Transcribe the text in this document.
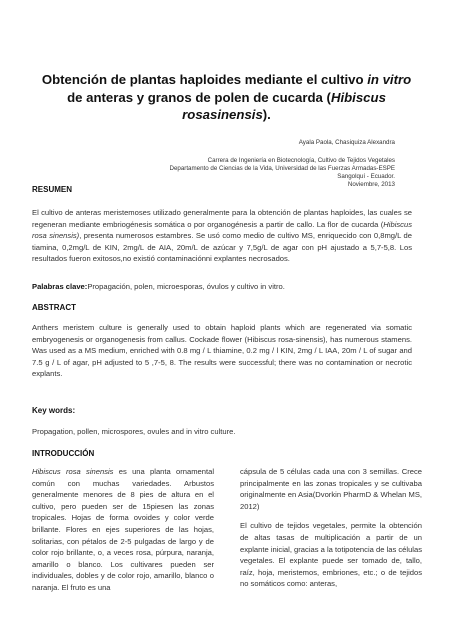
Obtención de plantas haploides mediante el cultivo in vitro de anteras y granos de polen de cucarda (Hibiscus rosasinensis).
Ayala Paola, Chasiquiza Alexandra
Carrera de Ingeniería en Biotecnología, Cultivo de Tejidos Vegetales
Departamento de Ciencias de la Vida, Universidad de las Fuerzas Armadas-ESPE
Sangolquí - Ecuador.
Noviembre, 2013
RESUMEN
El cultivo de anteras meristemoses utilizado generalmente para la obtención de plantas haploides, las cuales se regeneran mediante embriogénesis somática o por organogénesis a partir de callo. La flor de cucarda (Hibiscus rosa sinensis), presenta numerosos estambres. Se usó como medio de cultivo MS, enriquecido con 0,8mg/L de tiamina, 0,2mg/L de KIN, 2mg/L de AIA, 20m/L de azúcar y 7,5g/L de agar con pH ajustado a 5,7-5,8. Los resultados fueron exitosos,no existió contaminaciónni explantes necrosados.
Palabras clave:Propagación, polen, microesporas, óvulos y cultivo in vitro.
ABSTRACT
Anthers meristem culture is generally used to obtain haploid plants which are regenerated via somatic embryogenesis or organogenesis from callus. Cockade flower (Hibiscus rosa-sinensis), has numerous stamens. Was used as a MS medium, enriched with 0.8 mg / L thiamine, 0.2 mg / l KIN, 2mg / L IAA, 20m / L of sugar and 7.5 g / L of agar, pH adjusted to 5 ,7-5, 8. The results were successful; there was no contamination or necrotic explants.
Key words:
Propagation, pollen, microspores, ovules and in vitro culture.
INTRODUCCIÓN
Hibiscus rosa sinensis es una planta ornamental común con muchas variedades. Arbustos generalmente menores de 8 pies de altura en el cultivo, pero pueden ser de 15piesen las zonas tropicales. Hojas de forma ovoides y color verde brillante. Flores en ejes superiores de las hojas, solitarias, con pétalos de 2-5 pulgadas de largo y de color rojo brillante, o, a veces rosa, púrpura, naranja, amarillo o blanco. Los cultivares pueden ser individuales, dobles y de color rojo, amarillo, blanco o naranja. El fruto es una
cápsula de 5 células cada una con 3 semillas. Crece principalmente en las zonas tropicales y se cultivaba originalmente en Asia(Dvorkin PharmD & Whelan MS, 2012)
El cultivo de tejidos vegetales, permite la obtención de altas tasas de multiplicación a partir de un explante inicial, gracias a la totipotencia de las células vegetales. El explante puede ser tomado de, tallo, raíz, hoja, meristemos, embriones, etc.; o de tejidos no somáticos como: anteras,
